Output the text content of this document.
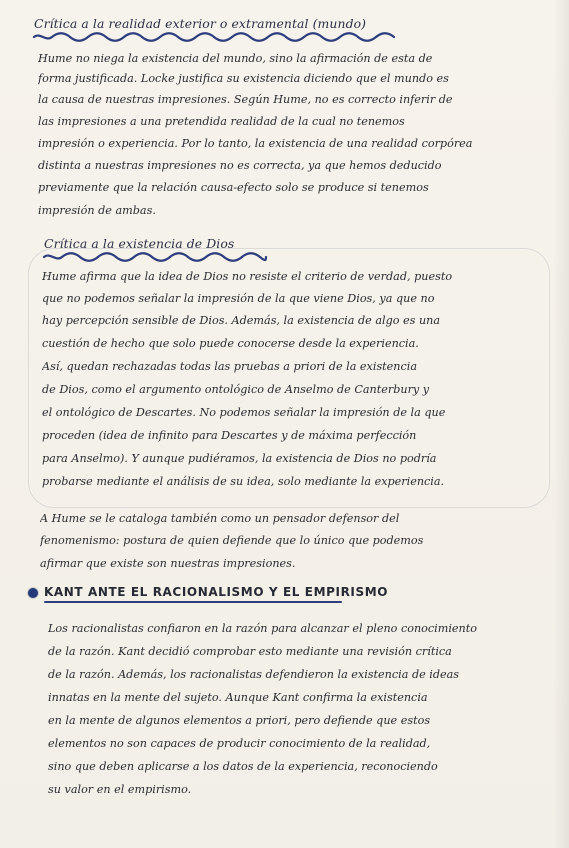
Crítica a la realidad exterior o extramental (mundo)
Hume no niega la existencia del mundo, sino la afirmación de esta de
forma justificada. Locke justifica su existencia diciendo que el mundo es
la causa de nuestras impresiones. Según Hume, no es correcto inferir de
las impresiones a una pretendida realidad de la cual no tenemos
impresión o experiencia. Por lo tanto, la existencia de una realidad corpórea
distinta a nuestras impresiones no es correcta, ya que hemos deducido
previamente que la relación causa-efecto solo se produce si tenemos
impresión de ambas.
Crítica a la existencia de Dios
Hume afirma que la idea de Dios no resiste el criterio de verdad, puesto
que no podemos señalar la impresión de la que viene Dios, ya que no
hay percepción sensible de Dios. Además, la existencia de algo es una
cuestión de hecho que solo puede conocerse desde la experiencia.
Así, quedan rechazadas todas las pruebas a priori de la existencia
de Dios, como el argumento ontológico de Anselmo de Canterbury y
el ontológico de Descartes. No podemos señalar la impresión de la que
proceden (idea de infinito para Descartes y de máxima perfección
para Anselmo). Y aunque pudiéramos, la existencia de Dios no podría
probarse mediante el análisis de su idea, solo mediante la experiencia.
A Hume se le cataloga también como un pensador defensor del
fenomenismo: postura de quien defiende que lo único que podemos
afirmar que existe son nuestras impresiones.
KANT ANTE EL RACIONALISMO Y EL EMPIRISMO
Los racionalistas confiaron en la razón para alcanzar el pleno conocimiento
de la razón. Kant decidió comprobar esto mediante una revisión crítica
de la razón. Además, los racionalistas defendieron la existencia de ideas
innatas en la mente del sujeto. Aunque Kant confirma la existencia
en la mente de algunos elementos a priori, pero defiende que estos
elementos no son capaces de producir conocimiento de la realidad,
sino que deben aplicarse a los datos de la experiencia, reconociendo
su valor en el empirismo.
